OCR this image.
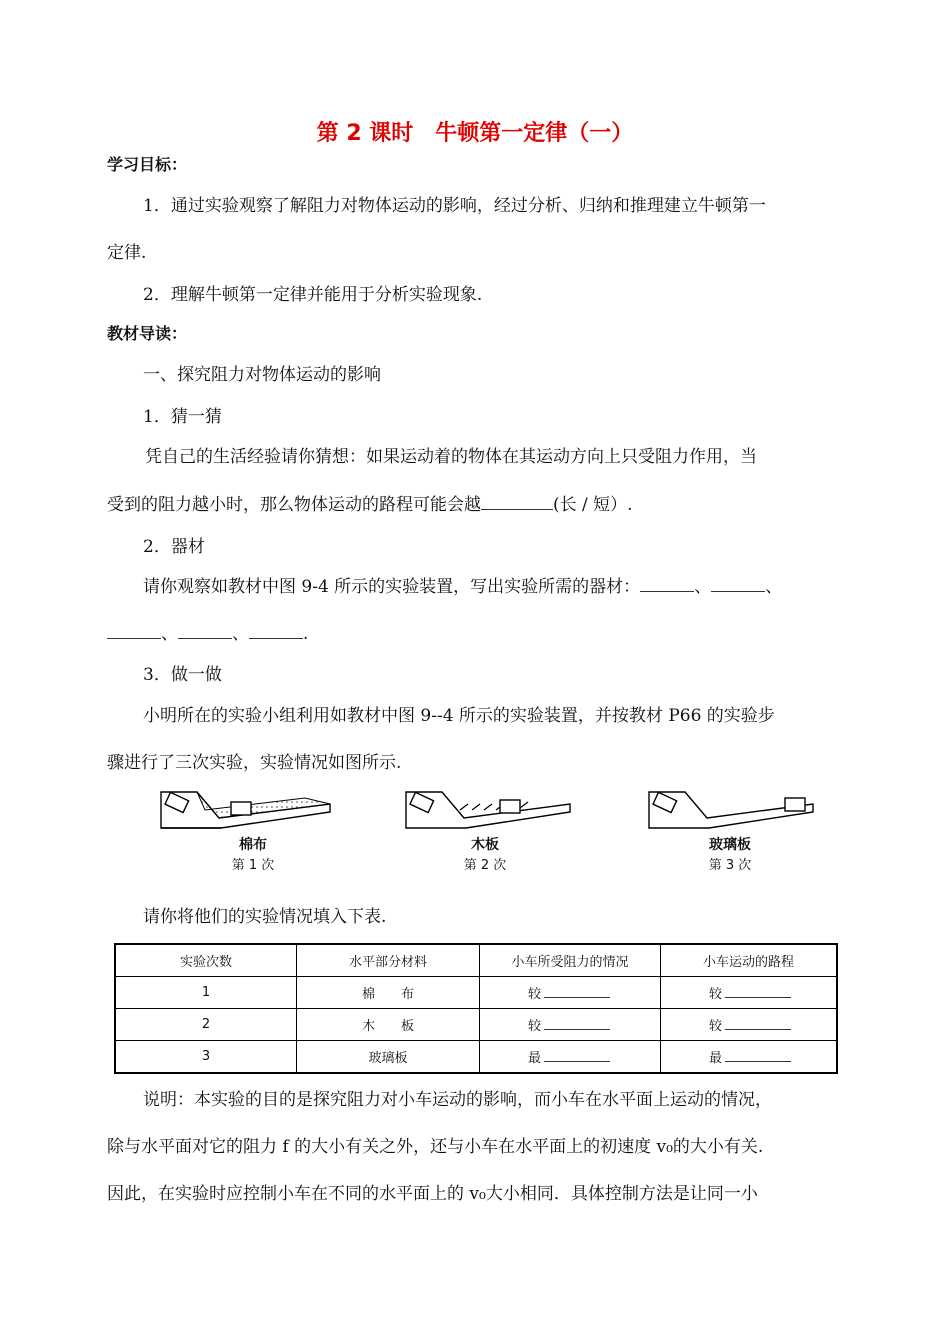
第 2 课时　牛顿第一定律（一）
学习目标：
1．通过实验观察了解阻力对物体运动的影响，经过分析、归纳和推理建立牛顿第一
定律.
2．理解牛顿第一定律并能用于分析实验现象.
教材导读：
一、探究阻力对物体运动的影响
1．猜一猜
凭自己的生活经验请你猜想：如果运动着的物体在其运动方向上只受阻力作用，当
受到的阻力越小时，那么物体运动的路程可能会越	(长 / 短）.
2．器材
请你观察如教材中图 9-4 所示的实验装置，写出实验所需的器材：	、	、
、	、	.
3．做一做
小明所在的实验小组利用如教材中图 9--4 所示的实验装置，并按教材 P66 的实验步
骤进行了三次实验，实验情况如图所示.
棉布
第 1 次
木板
第 2 次
玻璃板
第 3 次
请你将他们的实验情况填入下表.
实验次数	水平部分材料	小车所受阻力的情况	小车运动的路程
1	棉　　布	较	较
2	木　　板	较	较
3	玻璃板	最	最
说明：本实验的目的是探究阻力对小车运动的影响，而小车在水平面上运动的情况，
除与水平面对它的阻力 f 的大小有关之外，还与小车在水平面上的初速度 v₀的大小有关.
因此，在实验时应控制小车在不同的水平面上的 v₀大小相同．具体控制方法是让同一小
